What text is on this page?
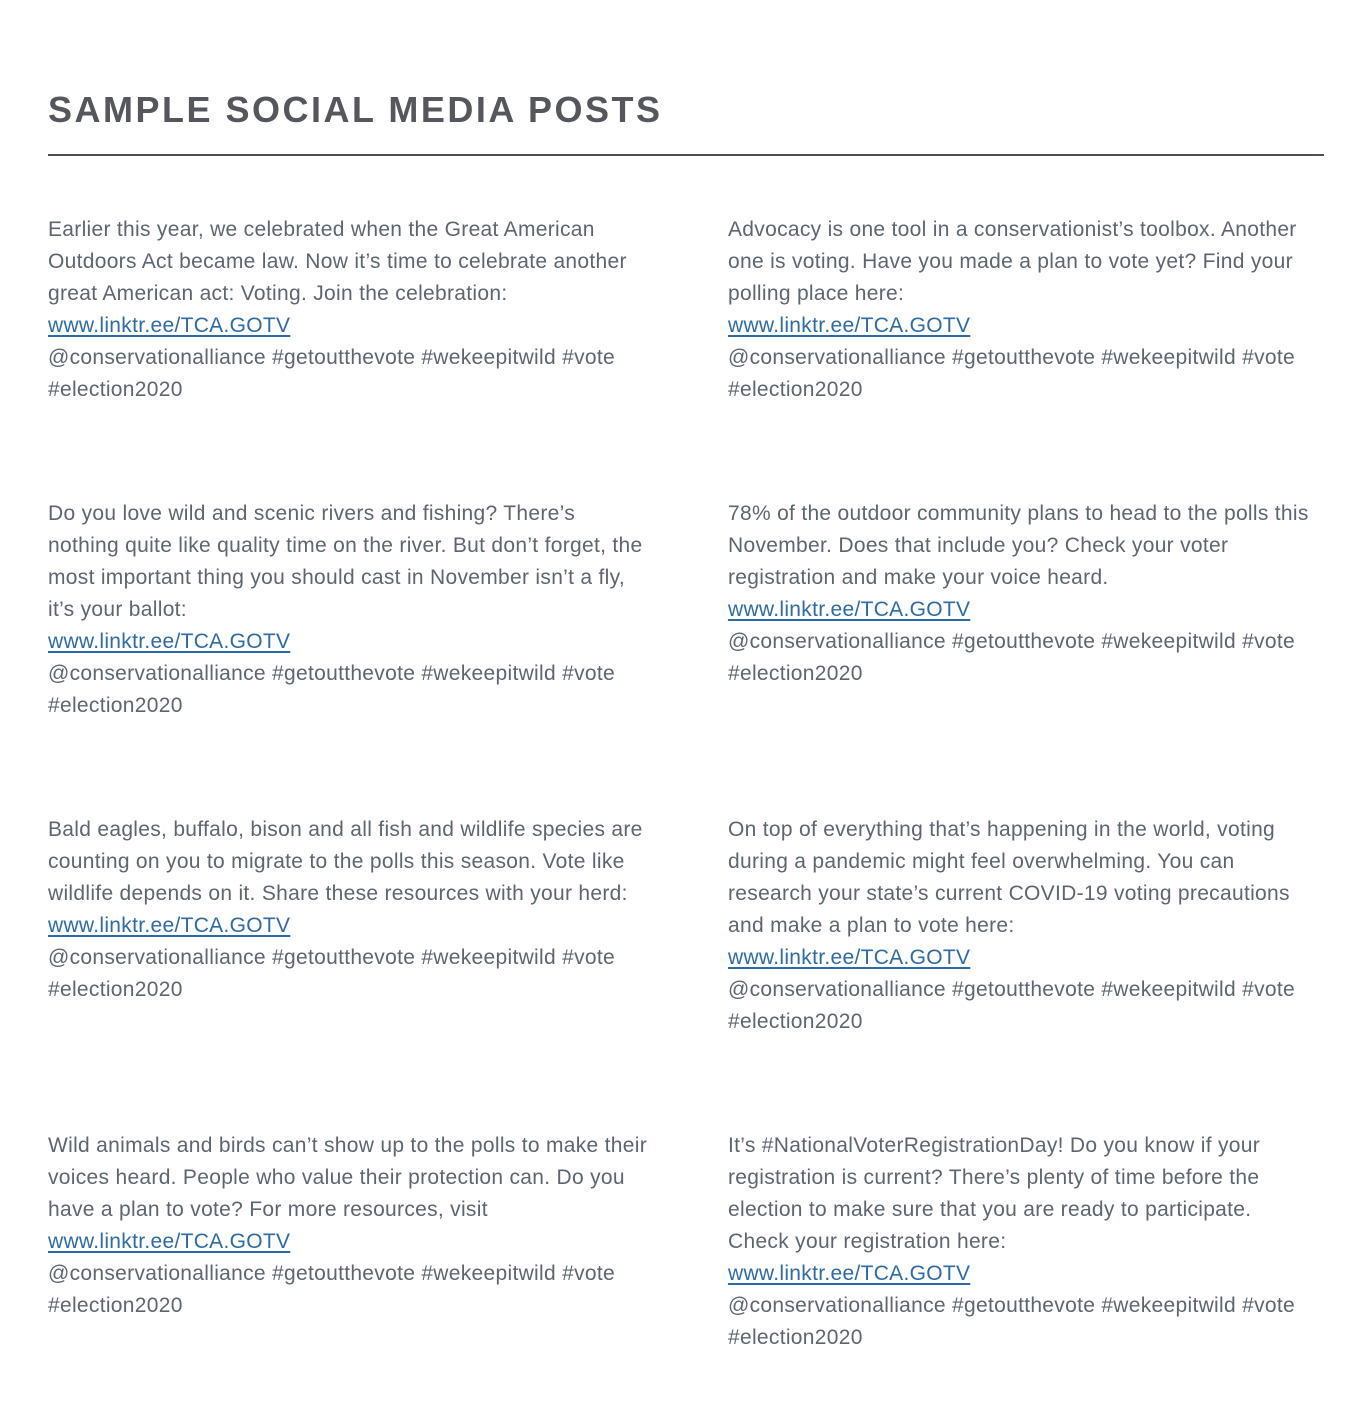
SAMPLE SOCIAL MEDIA POSTS

Earlier this year, we celebrated when the Great American Outdoors Act became law. Now it’s time to celebrate another great American act: Voting. Join the celebration: www.linktr.ee/TCA.GOTV
@conservationalliance #getoutthevote #wekeepitwild #vote #election2020

Advocacy is one tool in a conservationist’s toolbox. Another one is voting. Have you made a plan to vote yet? Find your polling place here:
www.linktr.ee/TCA.GOTV
@conservationalliance #getoutthevote #wekeepitwild #vote #election2020

Do you love wild and scenic rivers and fishing? There’s nothing quite like quality time on the river. But don’t forget, the most important thing you should cast in November isn’t a fly, it’s your ballot:
www.linktr.ee/TCA.GOTV
@conservationalliance #getoutthevote #wekeepitwild #vote #election2020

78% of the outdoor community plans to head to the polls this November. Does that include you? Check your voter registration and make your voice heard.
www.linktr.ee/TCA.GOTV
@conservationalliance #getoutthevote #wekeepitwild #vote #election2020

Bald eagles, buffalo, bison and all fish and wildlife species are counting on you to migrate to the polls this season. Vote like wildlife depends on it. Share these resources with your herd: www.linktr.ee/TCA.GOTV
@conservationalliance #getoutthevote #wekeepitwild #vote #election2020

On top of everything that’s happening in the world, voting during a pandemic might feel overwhelming. You can research your state’s current COVID-19 voting precautions and make a plan to vote here:
www.linktr.ee/TCA.GOTV
@conservationalliance #getoutthevote #wekeepitwild #vote #election2020

Wild animals and birds can’t show up to the polls to make their voices heard. People who value their protection can. Do you have a plan to vote? For more resources, visit www.linktr.ee/TCA.GOTV
@conservationalliance #getoutthevote #wekeepitwild #vote #election2020

It’s #NationalVoterRegistrationDay! Do you know if your registration is current? There’s plenty of time before the election to make sure that you are ready to participate. Check your registration here:
www.linktr.ee/TCA.GOTV
@conservationalliance #getoutthevote #wekeepitwild #vote #election2020
